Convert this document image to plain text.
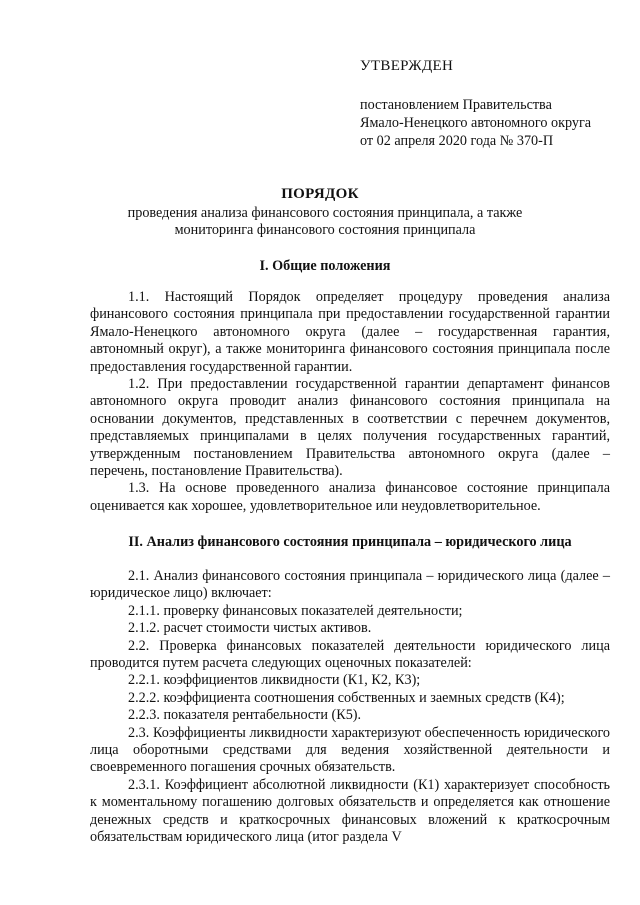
УТВЕРЖДЕН
постановлением Правительства
Ямало-Ненецкого автономного округа
от 02 апреля 2020 года № 370-П
ПОРЯДОК
проведения анализа финансового состояния принципала, а также мониторинга финансового состояния принципала
I. Общие положения

1.1. Настоящий Порядок определяет процедуру проведения анализа финансового состояния принципала при предоставлении государственной гарантии Ямало-Ненецкого автономного округа (далее – государственная гарантия, автономный округ), а также мониторинга финансового состояния принципала после предоставления государственной гарантии.

1.2. При предоставлении государственной гарантии департамент финансов автономного округа проводит анализ финансового состояния принципала на основании документов, представленных в соответствии с перечнем документов, представляемых принципалами в целях получения государственных гарантий, утвержденным постановлением Правительства автономного округа (далее – перечень, постановление Правительства).

1.3. На основе проведенного анализа финансовое состояние принципала оценивается как хорошее, удовлетворительное или неудовлетворительное.

II. Анализ финансового состояния принципала – юридического лица

2.1. Анализ финансового состояния принципала – юридического лица (далее – юридическое лицо) включает:

2.1.1. проверку финансовых показателей деятельности;

2.1.2. расчет стоимости чистых активов.

2.2. Проверка финансовых показателей деятельности юридического лица проводится путем расчета следующих оценочных показателей:

2.2.1. коэффициентов ликвидности (К1, К2, К3);

2.2.2. коэффициента соотношения собственных и заемных средств (К4);

2.2.3. показателя рентабельности (К5).

2.3. Коэффициенты ликвидности характеризуют обеспеченность юридического лица оборотными средствами для ведения хозяйственной деятельности и своевременного погашения срочных обязательств.

2.3.1. Коэффициент абсолютной ликвидности (К1) характеризует способность к моментальному погашению долговых обязательств и определяется как отношение денежных средств и краткосрочных финансовых вложений к краткосрочным обязательствам юридического лица (итог раздела V
